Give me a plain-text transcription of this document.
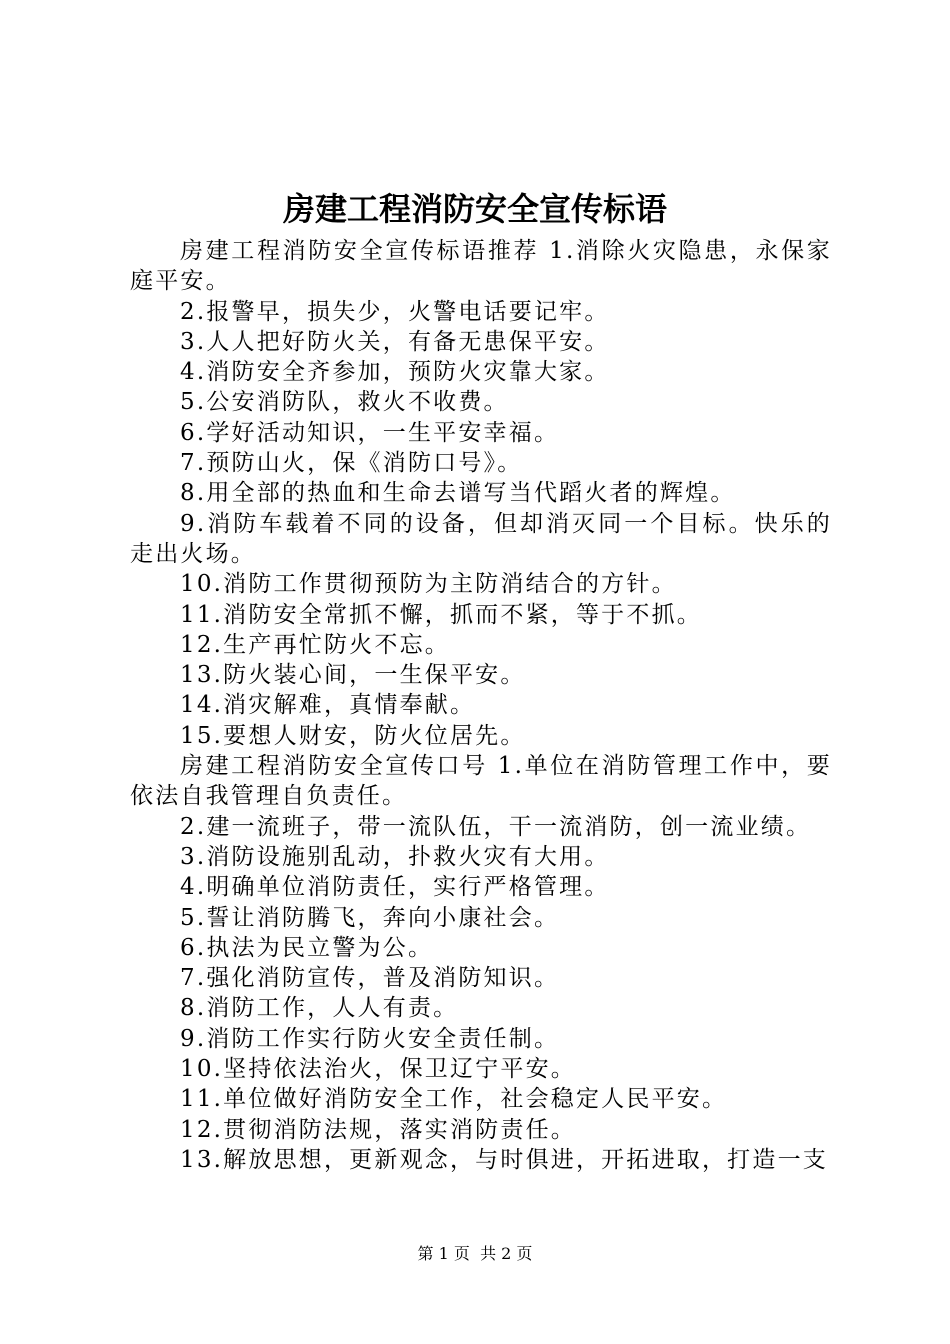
房建工程消防安全宣传标语

房建工程消防安全宣传标语推荐 1.消除火灾隐患，永保家庭平安。

2.报警早，损失少，火警电话要记牢。

3.人人把好防火关，有备无患保平安。

4.消防安全齐参加，预防火灾靠大家。

5.公安消防队，救火不收费。

6.学好活动知识，一生平安幸福。

7.预防山火，保《消防口号》。

8.用全部的热血和生命去谱写当代蹈火者的辉煌。

9.消防车载着不同的设备，但却消灭同一个目标。快乐的走出火场。

10.消防工作贯彻预防为主防消结合的方针。

11.消防安全常抓不懈，抓而不紧，等于不抓。

12.生产再忙防火不忘。

13.防火装心间，一生保平安。

14.消灾解难，真情奉献。

15.要想人财安，防火位居先。

房建工程消防安全宣传口号 1.单位在消防管理工作中，要依法自我管理自负责任。

2.建一流班子，带一流队伍，干一流消防，创一流业绩。

3.消防设施别乱动，扑救火灾有大用。

4.明确单位消防责任，实行严格管理。

5.誓让消防腾飞，奔向小康社会。

6.执法为民立警为公。

7.强化消防宣传，普及消防知识。

8.消防工作，人人有责。

9.消防工作实行防火安全责任制。

10.坚持依法治火，保卫辽宁平安。

11.单位做好消防安全工作，社会稳定人民平安。

12.贯彻消防法规，落实消防责任。

13.解放思想，更新观念，与时俱进，开拓进取，打造一支

第 1 页  共 2 页
